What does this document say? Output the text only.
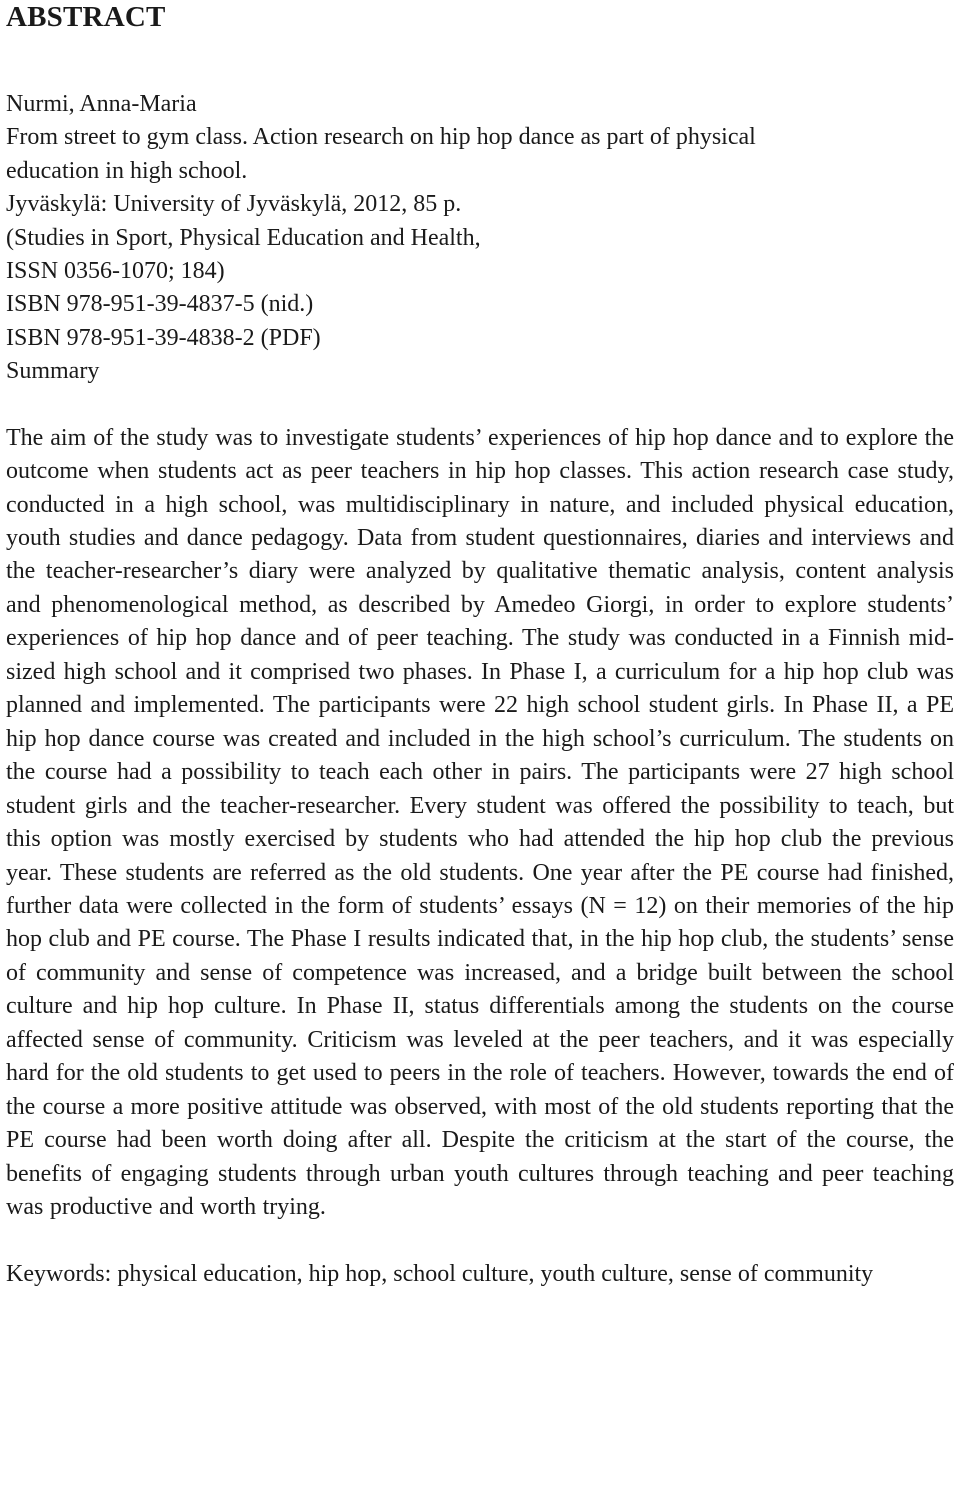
ABSTRACT
Nurmi, Anna-Maria
From street to gym class. Action research on hip hop dance as part of physical
education in high school.
Jyväskylä: University of Jyväskylä, 2012, 85 p.
(Studies in Sport, Physical Education and Health,
ISSN 0356-1070; 184)
ISBN 978-951-39-4837-5 (nid.)
ISBN 978-951-39-4838-2 (PDF)
Summary

The aim of the study was to investigate students’ experiences of hip hop dance and to explore the outcome when students act as peer teachers in hip hop classes. This action research case study, conducted in a high school, was multidisciplinary in nature, and included physical education, youth studies and dance pedagogy. Data from student questionnaires, diaries and interviews and the teacher-researcher’s diary were analyzed by qualitative thematic analysis, content analysis and phenomenological method, as described by Amedeo Giorgi, in order to explore students’ experiences of hip hop dance and of peer teaching. The study was conducted in a Finnish mid-sized high school and it comprised two phases. In Phase I, a curriculum for a hip hop club was planned and implemented. The participants were 22 high school student girls. In Phase II, a PE hip hop dance course was created and included in the high school’s curriculum. The students on the course had a possibility to teach each other in pairs. The participants were 27 high school student girls and the teacher-researcher. Every student was offered the possibility to teach, but this option was mostly exercised by students who had attended the hip hop club the previous year. These students are referred as the old students. One year after the PE course had finished, further data were collected in the form of students’ essays (N = 12) on their memories of the hip hop club and PE course. The Phase I results indicated that, in the hip hop club, the students’ sense of community and sense of competence was increased, and a bridge built between the school culture and hip hop culture. In Phase II, status differentials among the students on the course affected sense of community. Criticism was leveled at the peer teachers, and it was especially hard for the old students to get used to peers in the role of teachers. However, towards the end of the course a more positive attitude was observed, with most of the old students reporting that the PE course had been worth doing after all. Despite the criticism at the start of the course, the benefits of engaging students through urban youth cultures through teaching and peer teaching was productive and worth trying.

Keywords: physical education, hip hop, school culture, youth culture, sense of community
